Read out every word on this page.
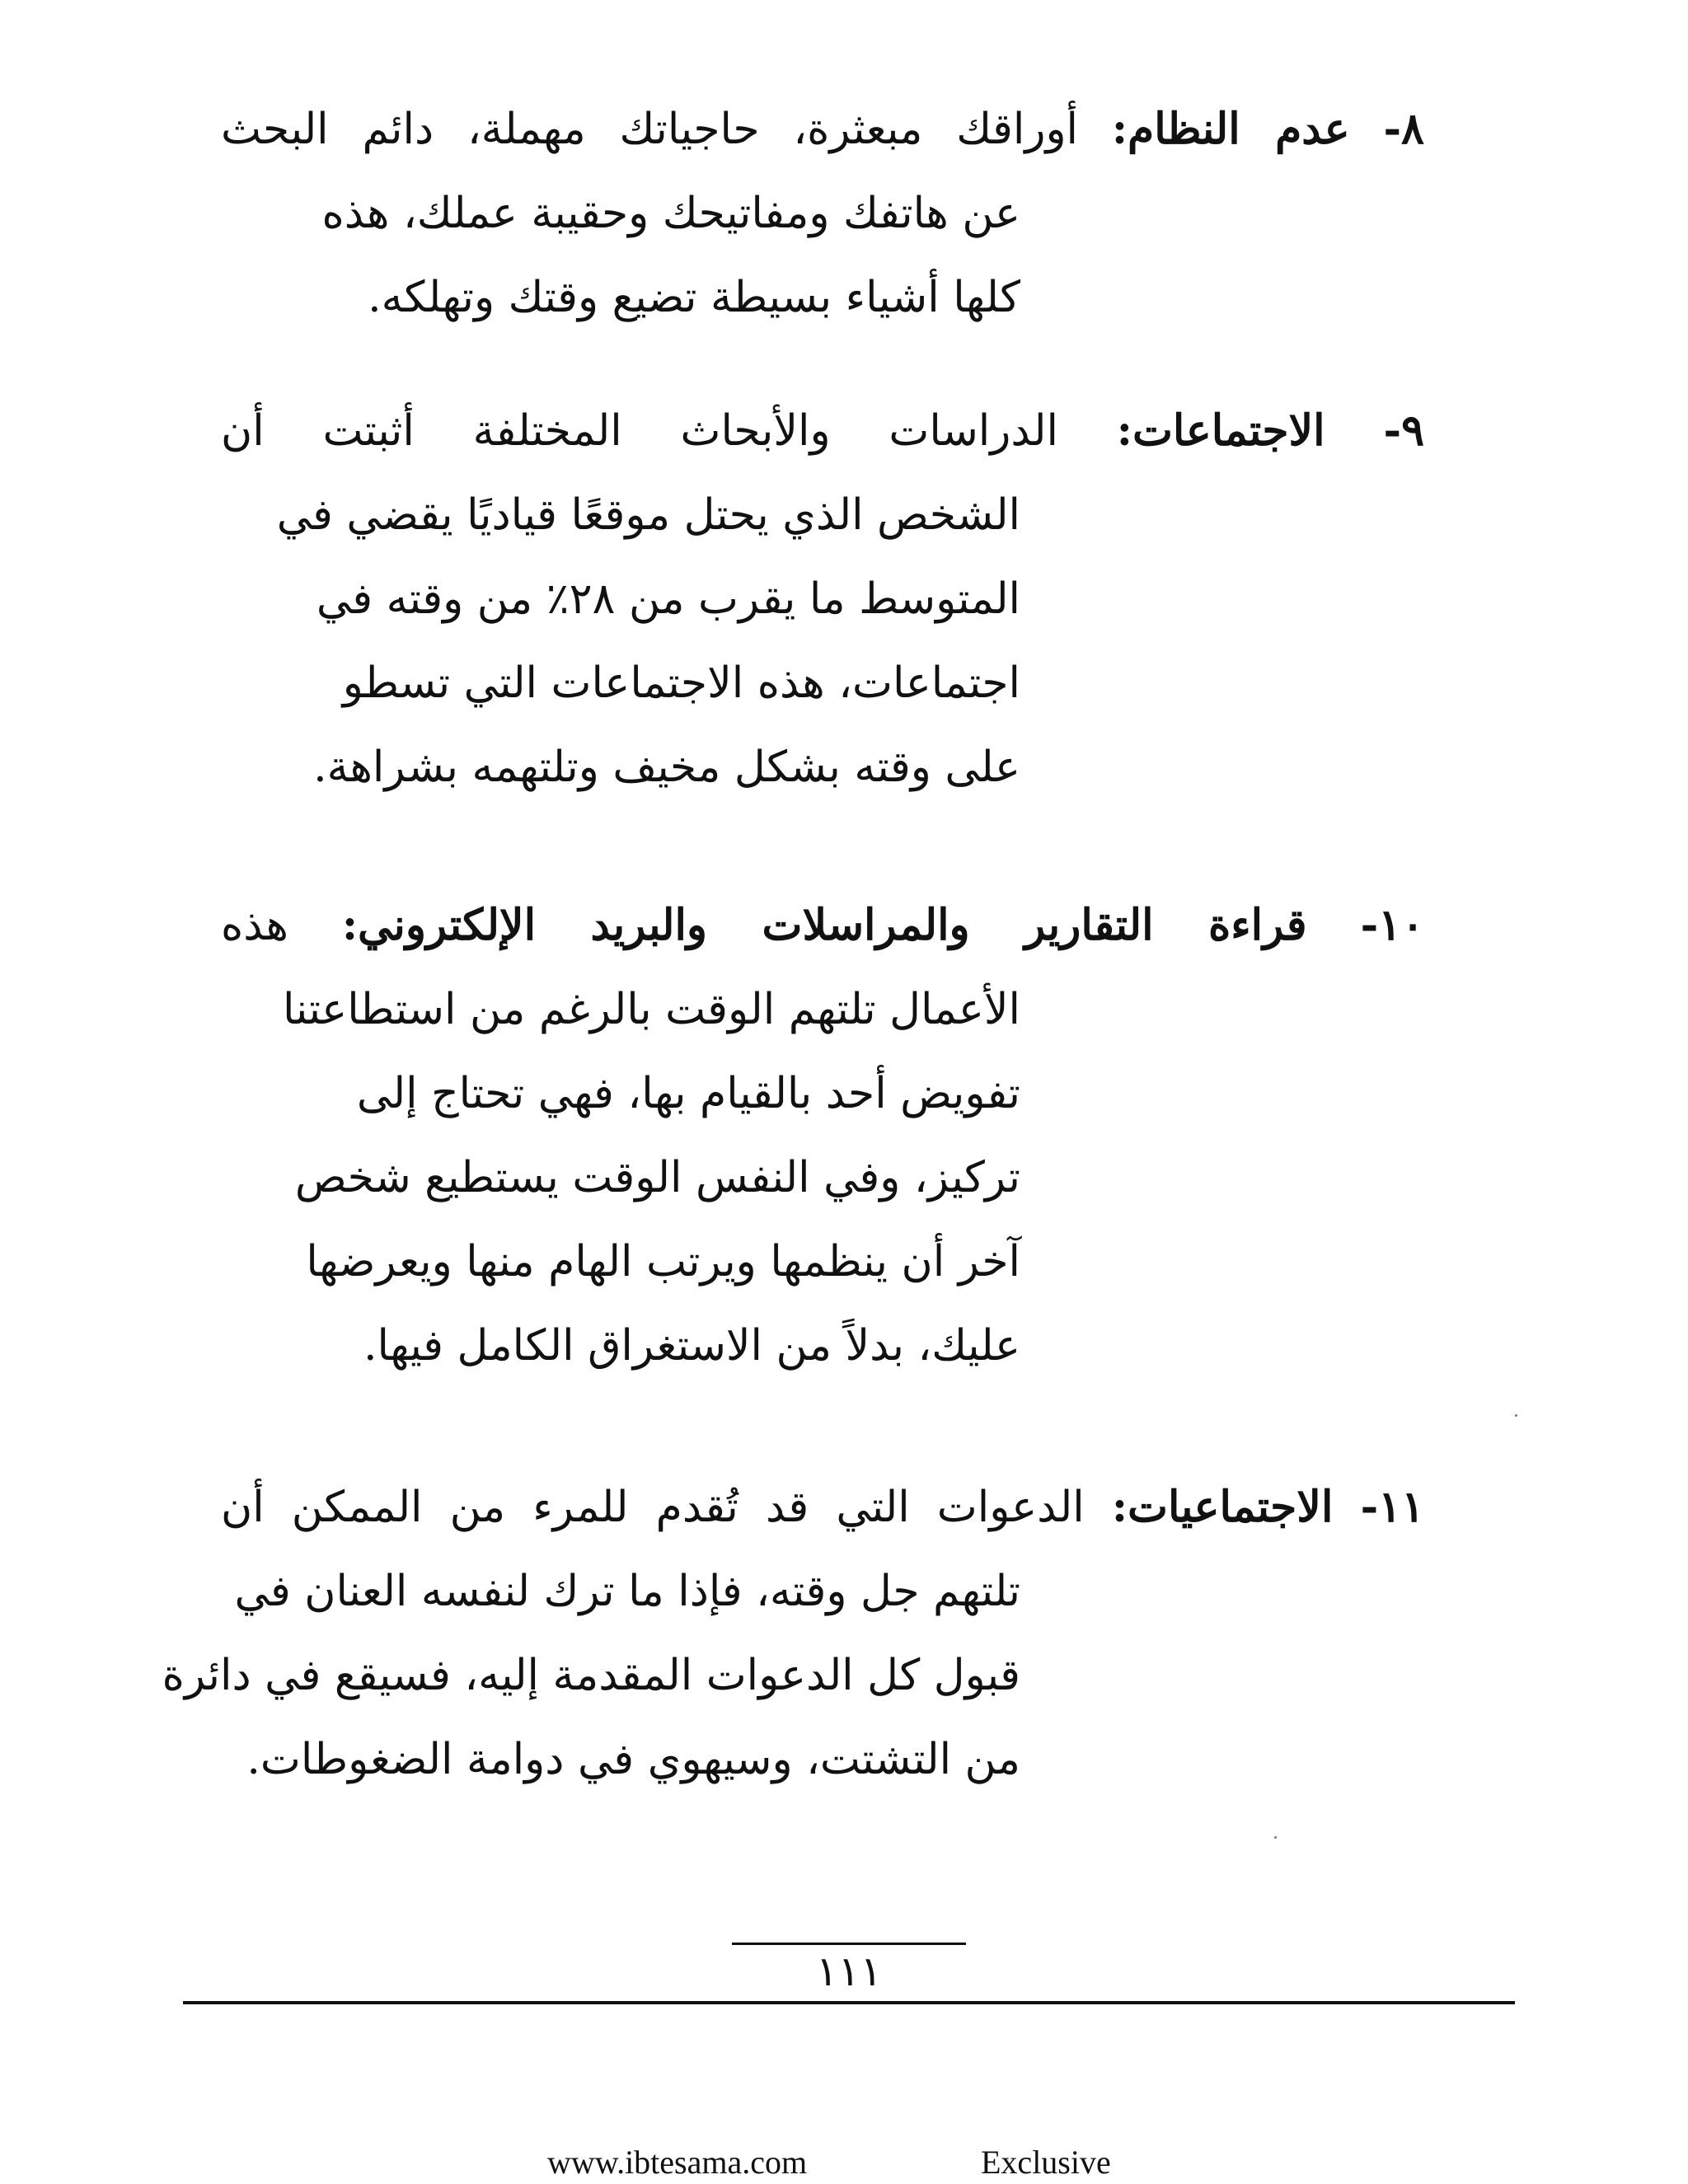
٨- عدم النظام: أوراقك مبعثرة، حاجياتك مهملة، دائم البحث
عن هاتفك ومفاتيحك وحقيبة عملك، هذه
كلها أشياء بسيطة تضيع وقتك وتهلكه.
٩- الاجتماعات: الدراسات والأبحاث المختلفة أثبتت أن
الشخص الذي يحتل موقعًا قياديًا يقضي في
المتوسط ما يقرب من ٢٨٪ من وقته في
اجتماعات، هذه الاجتماعات التي تسطو
على وقته بشكل مخيف وتلتهمه بشراهة.
١٠- قراءة التقارير والمراسلات والبريد الإلكتروني: هذه
الأعمال تلتهم الوقت بالرغم من استطاعتنا
تفويض أحد بالقيام بها، فهي تحتاج إلى
تركيز، وفي النفس الوقت يستطيع شخص
آخر أن ينظمها ويرتب الهام منها ويعرضها
عليك، بدلاً من الاستغراق الكامل فيها.
١١- الاجتماعيات: الدعوات التي قد تُقدم للمرء من الممكن أن
تلتهم جل وقته، فإذا ما ترك لنفسه العنان في
قبول كل الدعوات المقدمة إليه، فسيقع في دائرة
من التشتت، وسيهوي في دوامة الضغوطات.
١١١
www.ibtesama.com	Exclusive
